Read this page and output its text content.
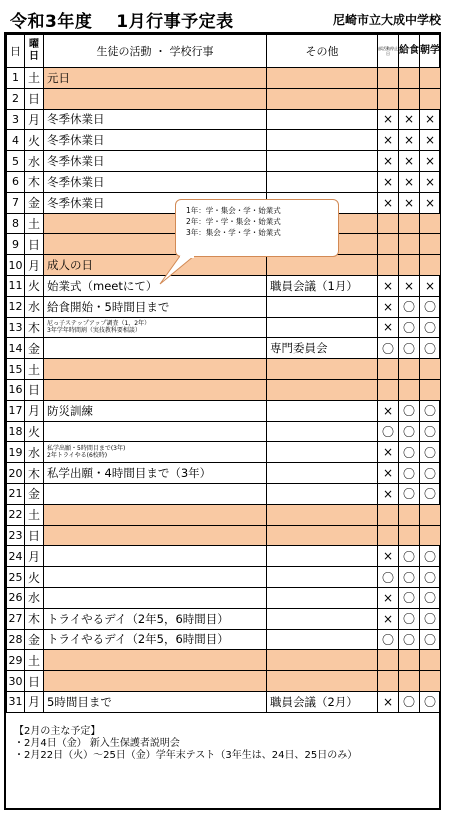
令和3年度　 1月行事予定表	尼崎市立大成中学校
日	曜日	生徒の活動 ・ 学校行事	その他	部活動停止日	給食	朝学
1	土	元日				
2	日					
3	月	冬季休業日		×	×	×
4	火	冬季休業日		×	×	×
5	水	冬季休業日		×	×	×
6	木	冬季休業日		×	×	×
7	金	冬季休業日		×	×	×
8	土					
9	日					
10	月	成人の日				
11	火	始業式（meetにて）	職員会議（1月）	×	×	×
12	水	給食開始・5時間目まで		×	〇	〇
13	木	尼っ子ステップアップ調査（1，2年）
3年学年時間割（実技教科要相談）		×	〇	〇
14	金		専門委員会	〇	〇	〇
15	土					
16	日					
17	月	防災訓練		×	〇	〇
18	火			〇	〇	〇
19	水	私学出願・5時間目まで(3年)
2年トライやる(6校時)		×	〇	〇
20	木	私学出願・4時間目まで（3年）		×	〇	〇
21	金			×	〇	〇
22	土					
23	日					
24	月			×	〇	〇
25	火			〇	〇	〇
26	水			×	〇	〇
27	木	トライやるデイ（2年5，6時間目）		×	〇	〇
28	金	トライやるデイ（2年5，6時間目）		〇	〇	〇
29	土					
30	日					
31	月	5時間目まで	職員会議（2月）	×	〇	〇
1年：学・集会・学・始業式
2年：学・学・集会・始業式
3年：集会・学・学・始業式
【2月の主な予定】
・2月4日（金） 新入生保護者説明会
・2月22日（火）～25日（金）学年末テスト（3年生は、24日、25日のみ）
